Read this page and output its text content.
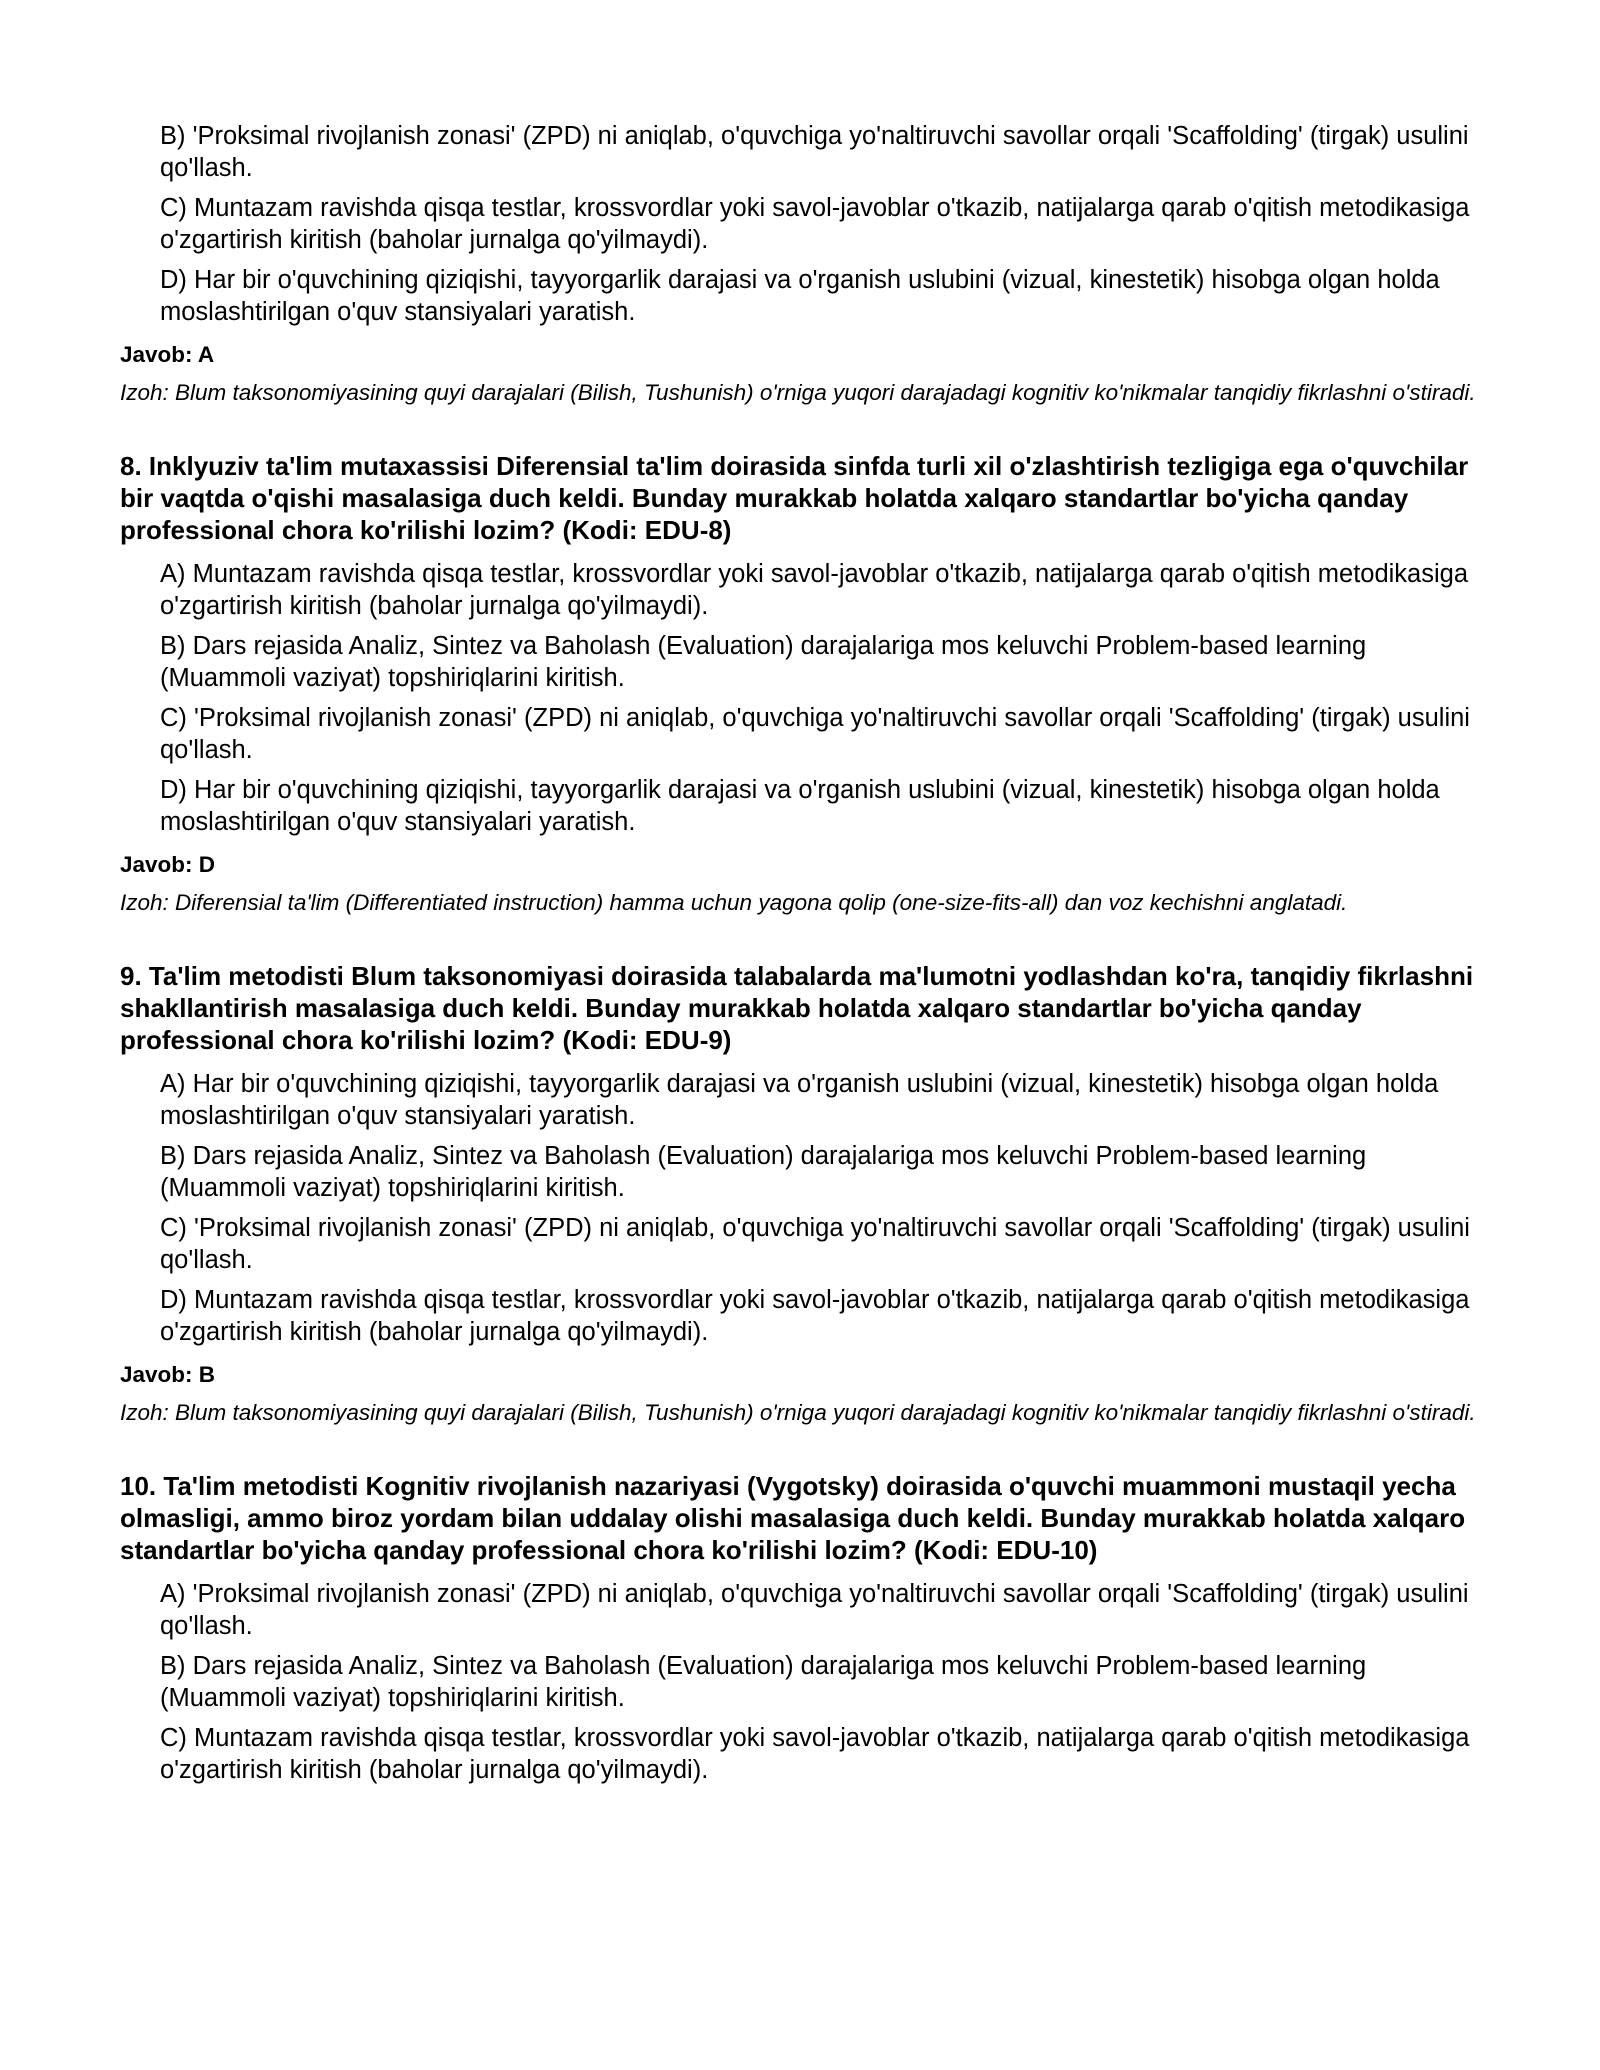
B) 'Proksimal rivojlanish zonasi' (ZPD) ni aniqlab, o'quvchiga yo'naltiruvchi savollar orqali 'Scaffolding' (tirgak) usulini qo'llash.

C) Muntazam ravishda qisqa testlar, krossvordlar yoki savol-javoblar o'tkazib, natijalarga qarab o'qitish metodikasiga o'zgartirish kiritish (baholar jurnalga qo'yilmaydi).

D) Har bir o'quvchining qiziqishi, tayyorgarlik darajasi va o'rganish uslubini (vizual, kinestetik) hisobga olgan holda moslashtirilgan o'quv stansiyalari yaratish.

Javob: A

Izoh: Blum taksonomiyasining quyi darajalari (Bilish, Tushunish) o'rniga yuqori darajadagi kognitiv ko'nikmalar tanqidiy fikrlashni o'stiradi.

8. Inklyuziv ta'lim mutaxassisi Diferensial ta'lim doirasida sinfda turli xil o'zlashtirish tezligiga ega o'quvchilar bir vaqtda o'qishi masalasiga duch keldi. Bunday murakkab holatda xalqaro standartlar bo'yicha qanday professional chora ko'rilishi lozim? (Kodi: EDU-8)

A) Muntazam ravishda qisqa testlar, krossvordlar yoki savol-javoblar o'tkazib, natijalarga qarab o'qitish metodikasiga o'zgartirish kiritish (baholar jurnalga qo'yilmaydi).

B) Dars rejasida Analiz, Sintez va Baholash (Evaluation) darajalariga mos keluvchi Problem-based learning (Muammoli vaziyat) topshiriqlarini kiritish.

C) 'Proksimal rivojlanish zonasi' (ZPD) ni aniqlab, o'quvchiga yo'naltiruvchi savollar orqali 'Scaffolding' (tirgak) usulini qo'llash.

D) Har bir o'quvchining qiziqishi, tayyorgarlik darajasi va o'rganish uslubini (vizual, kinestetik) hisobga olgan holda moslashtirilgan o'quv stansiyalari yaratish.

Javob: D

Izoh: Diferensial ta'lim (Differentiated instruction) hamma uchun yagona qolip (one-size-fits-all) dan voz kechishni anglatadi.

9. Ta'lim metodisti Blum taksonomiyasi doirasida talabalarda ma'lumotni yodlashdan ko'ra, tanqidiy fikrlashni shakllantirish masalasiga duch keldi. Bunday murakkab holatda xalqaro standartlar bo'yicha qanday professional chora ko'rilishi lozim? (Kodi: EDU-9)

A) Har bir o'quvchining qiziqishi, tayyorgarlik darajasi va o'rganish uslubini (vizual, kinestetik) hisobga olgan holda moslashtirilgan o'quv stansiyalari yaratish.

B) Dars rejasida Analiz, Sintez va Baholash (Evaluation) darajalariga mos keluvchi Problem-based learning (Muammoli vaziyat) topshiriqlarini kiritish.

C) 'Proksimal rivojlanish zonasi' (ZPD) ni aniqlab, o'quvchiga yo'naltiruvchi savollar orqali 'Scaffolding' (tirgak) usulini qo'llash.

D) Muntazam ravishda qisqa testlar, krossvordlar yoki savol-javoblar o'tkazib, natijalarga qarab o'qitish metodikasiga o'zgartirish kiritish (baholar jurnalga qo'yilmaydi).

Javob: B

Izoh: Blum taksonomiyasining quyi darajalari (Bilish, Tushunish) o'rniga yuqori darajadagi kognitiv ko'nikmalar tanqidiy fikrlashni o'stiradi.

10. Ta'lim metodisti Kognitiv rivojlanish nazariyasi (Vygotsky) doirasida o'quvchi muammoni mustaqil yecha olmasligi, ammo biroz yordam bilan uddalay olishi masalasiga duch keldi. Bunday murakkab holatda xalqaro standartlar bo'yicha qanday professional chora ko'rilishi lozim? (Kodi: EDU-10)

A) 'Proksimal rivojlanish zonasi' (ZPD) ni aniqlab, o'quvchiga yo'naltiruvchi savollar orqali 'Scaffolding' (tirgak) usulini qo'llash.

B) Dars rejasida Analiz, Sintez va Baholash (Evaluation) darajalariga mos keluvchi Problem-based learning (Muammoli vaziyat) topshiriqlarini kiritish.

C) Muntazam ravishda qisqa testlar, krossvordlar yoki savol-javoblar o'tkazib, natijalarga qarab o'qitish metodikasiga o'zgartirish kiritish (baholar jurnalga qo'yilmaydi).
